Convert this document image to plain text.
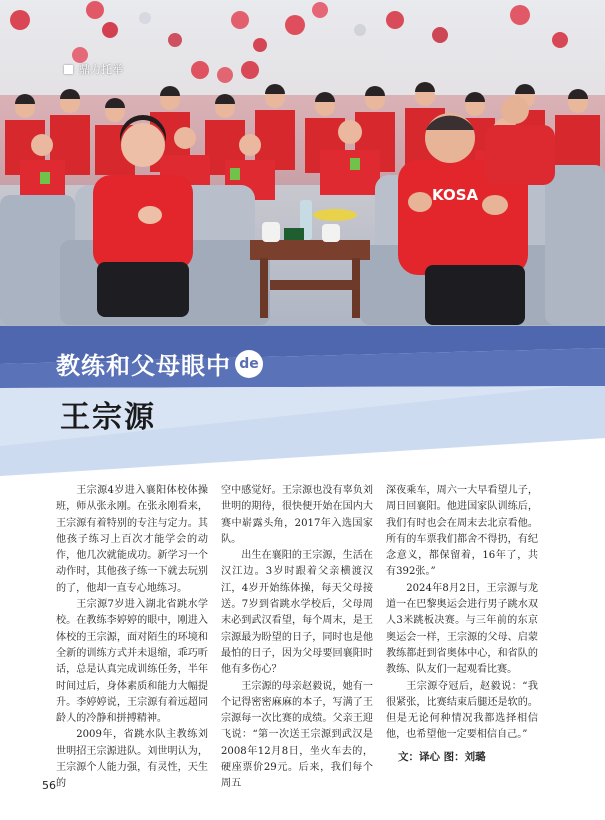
KOSA
鼎力托举
教练和父母眼中 de
王宗源

王宗源4岁进入襄阳体校体操班，师从张永刚。在张永刚看来，王宗源有着特别的专注与定力。其他孩子练习上百次才能学会的动作，他几次就能成功。新学习一个动作时，其他孩子练一下就去玩别的了，他却一直专心地练习。

王宗源7岁进入湖北省跳水学校。在教练李婷婷的眼中，刚进入体校的王宗源，面对陌生的环境和全新的训练方式并未退缩，乖巧听话，总是认真完成训练任务，半年时间过后，身体素质和能力大幅提升。李婷婷说，王宗源有着远超同龄人的冷静和拼搏精神。

2009年，省跳水队主教练刘世明招王宗源进队。刘世明认为，王宗源个人能力强，有灵性，天生的

空中感觉好。王宗源也没有辜负刘世明的期待，很快便开始在国内大赛中崭露头角，2017年入选国家队。

出生在襄阳的王宗源，生活在汉江边。3岁时跟着父亲横渡汉江，4岁开始练体操，每天父母接送。7岁到省跳水学校后，父母周末必到武汉看望，每个周末，是王宗源最为盼望的日子，同时也是他最怕的日子，因为父母要回襄阳时他有多伤心？

王宗源的母亲赵毅说，她有一个记得密密麻麻的本子，写满了王宗源每一次比赛的成绩。父亲王迎飞说：“第一次送王宗源到武汉是2008年12月8日，坐火车去的，硬座票价29元。后来，我们每个周五

深夜乘车，周六一大早看望儿子，周日回襄阳。他进国家队训练后，我们有时也会在周末去北京看他。所有的车票我们都舍不得扔，有纪念意义，都保留着，16年了，共有392张。”

2024年8月2日，王宗源与龙道一在巴黎奥运会进行男子跳水双人3米跳板决赛。与三年前的东京奥运会一样，王宗源的父母、启蒙教练都赶到省奥体中心，和省队的教练、队友们一起观看比赛。

王宗源夺冠后，赵毅说：“我很紧张，比赛结束后腿还是软的。但是无论何种情况我都选择相信他，也希望他一定要相信自己。”

文：译心 图：刘璐
56
